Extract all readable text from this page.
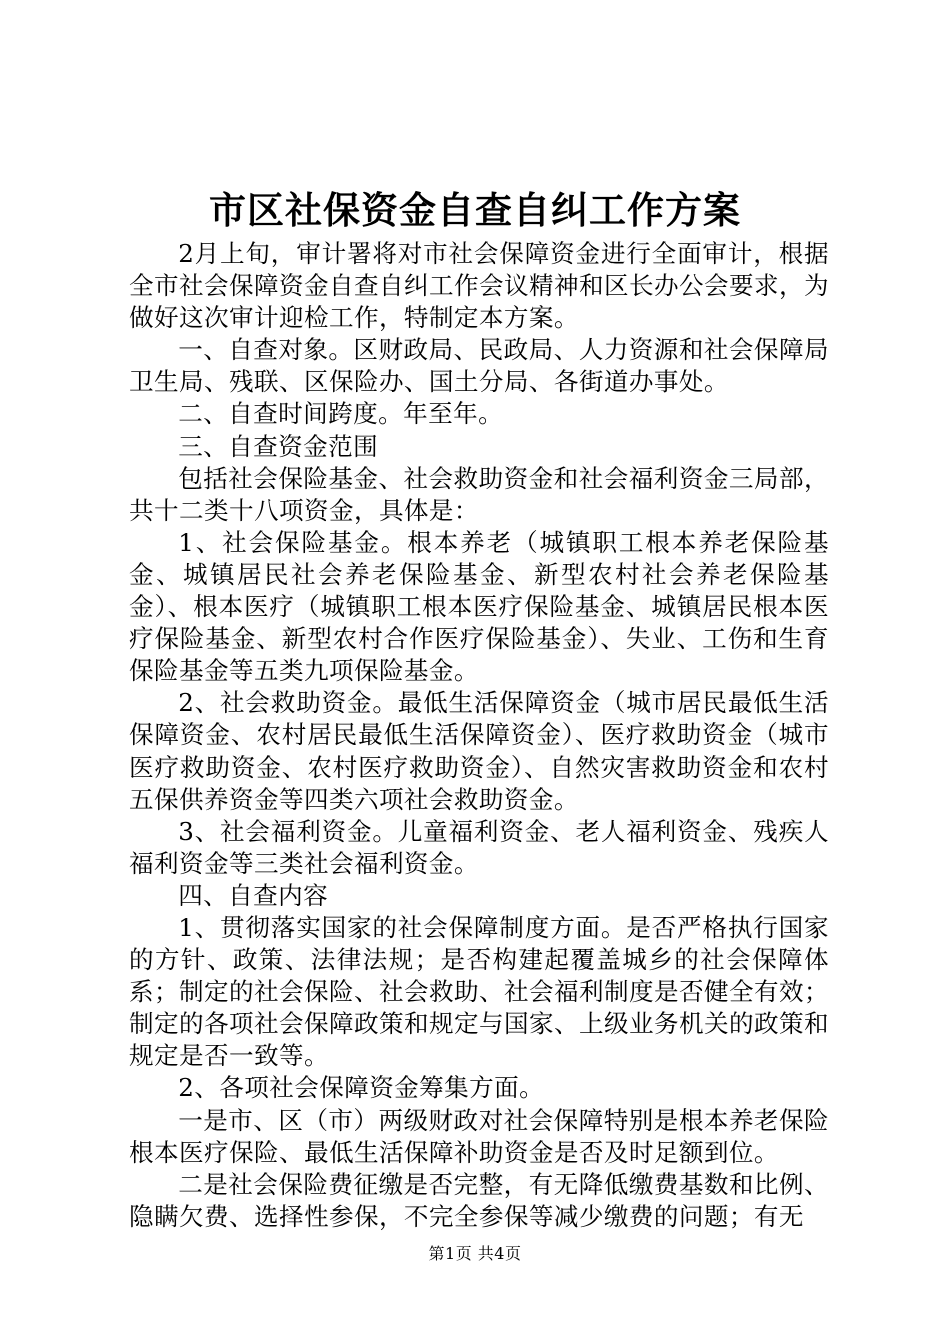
市区社保资金自查自纠工作方案

2月上旬，审计署将对市社会保障资金进行全面审计，根据全市社会保障资金自查自纠工作会议精神和区长办公会要求，为做好这次审计迎检工作，特制定本方案。

一、自查对象。区财政局、民政局、人力资源和社会保障局卫生局、残联、区保险办、国土分局、各街道办事处。

二、自查时间跨度。年至年。

三、自查资金范围

包括社会保险基金、社会救助资金和社会福利资金三局部，共十二类十八项资金，具体是：

1、社会保险基金。根本养老（城镇职工根本养老保险基金、城镇居民社会养老保险基金、新型农村社会养老保险基金）、根本医疗（城镇职工根本医疗保险基金、城镇居民根本医疗保险基金、新型农村合作医疗保险基金）、失业、工伤和生育保险基金等五类九项保险基金。

2、社会救助资金。最低生活保障资金（城市居民最低生活保障资金、农村居民最低生活保障资金）、医疗救助资金（城市医疗救助资金、农村医疗救助资金）、自然灾害救助资金和农村五保供养资金等四类六项社会救助资金。

3、社会福利资金。儿童福利资金、老人福利资金、残疾人福利资金等三类社会福利资金。

四、自查内容

1、贯彻落实国家的社会保障制度方面。是否严格执行国家的方针、政策、法律法规；是否构建起覆盖城乡的社会保障体系；制定的社会保险、社会救助、社会福利制度是否健全有效；制定的各项社会保障政策和规定与国家、上级业务机关的政策和规定是否一致等。

2、各项社会保障资金筹集方面。

一是市、区（市）两级财政对社会保障特别是根本养老保险根本医疗保险、最低生活保障补助资金是否及时足额到位。

二是社会保险费征缴是否完整，有无降低缴费基数和比例、隐瞒欠费、选择性参保，不完全参保等减少缴费的问题；有无

第1页 共4页
